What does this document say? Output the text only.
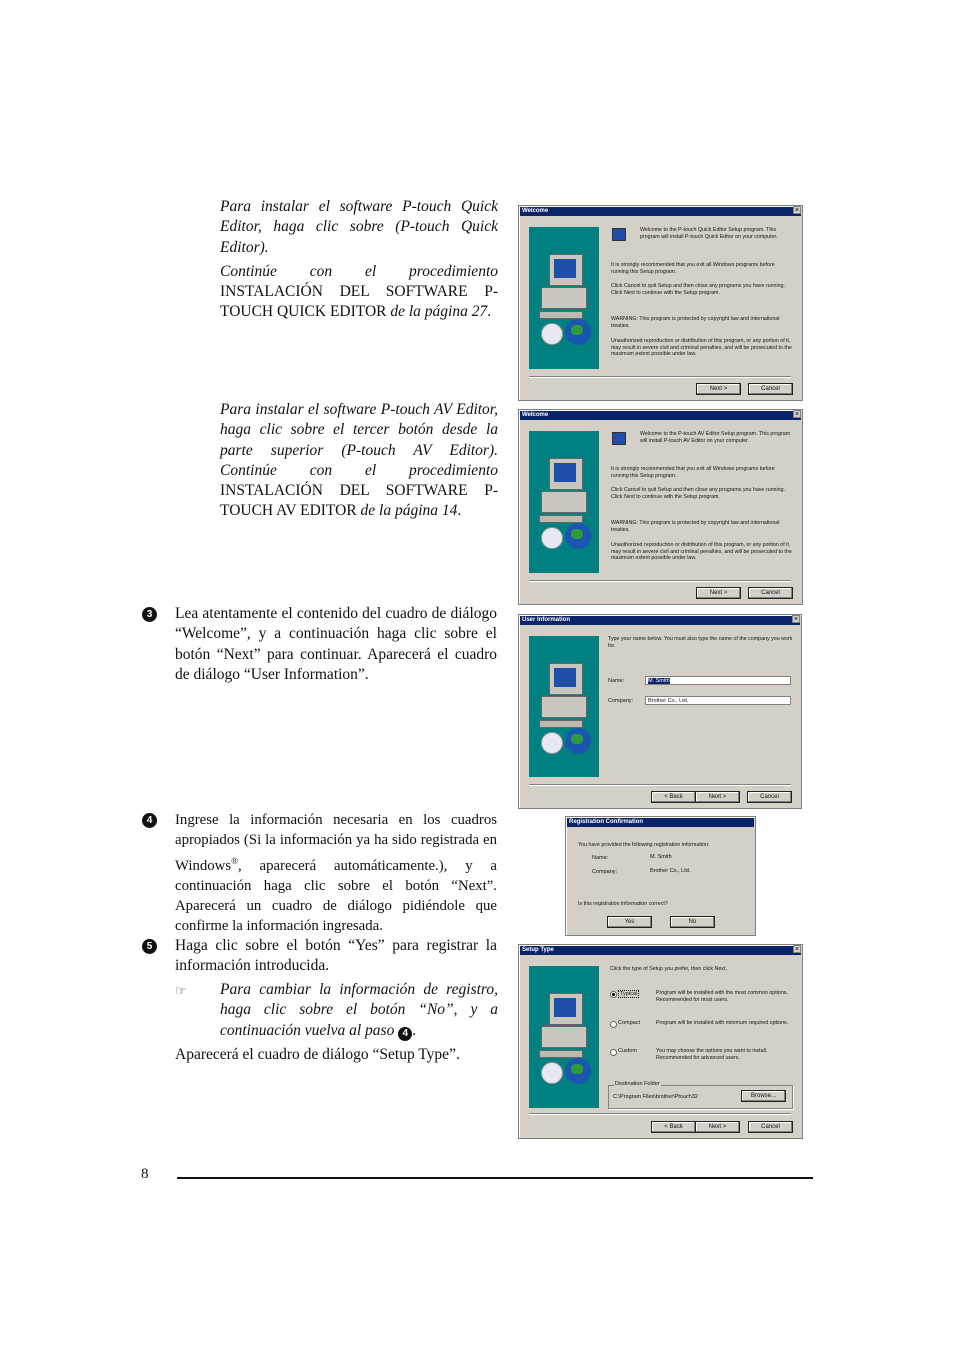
Para instalar el software P-touch Quick Editor, haga clic sobre (P-touch Quick Editor).

Continúe con el procedimiento INSTALACIÓN DEL SOFTWARE P-TOUCH QUICK EDITOR de la página 27.

Para instalar el software P-touch AV Editor, haga clic sobre el tercer botón desde la parte superior (P-touch AV Editor). Continúe con el procedimiento INSTALACIÓN DEL SOFTWARE P-TOUCH AV EDITOR de la página 14.

3	Lea atentamente el contenido del cuadro de diálogo “Welcome”, y a continuación haga clic sobre el botón “Next” para continuar. Aparecerá el cuadro de diálogo “User Information”.
4	Ingrese la información necesaria en los cuadros apropiados (Si la información ya ha sido registrada en Windows®, aparecerá automáticamente.), y a continuación haga clic sobre el botón “Next”. Aparecerá un cuadro de diálogo pidiéndole que confirme la información ingresada.
5	Haga clic sobre el botón “Yes” para registrar la información introducida.
☞ Para cambiar la información de registro, haga clic sobre el botón “No”, y a continuación vuelva al paso 4 .
Aparecerá el cuadro de diálogo “Setup Type”.
8
Welcome	×
Welcome to the P-touch Quick Editor Setup program. This program will install P-touch Quick Editor on your computer.
It is strongly recommended that you exit all Windows programs before running this Setup program.
Click Cancel to quit Setup and then close any programs you have running. Click Next to continue with the Setup program.
WARNING: This program is protected by copyright law and international treaties.
Unauthorized reproduction or distribution of this program, or any portion of it, may result in severe civil and criminal penalties, and will be prosecuted to the maximum extent possible under law.
Next >	Cancel
Welcome	×
Welcome to the P-touch AV Editor Setup program. This program will install P-touch AV Editor on your computer.
It is strongly recommended that you exit all Windows programs before running this Setup program.
Click Cancel to quit Setup and then close any programs you have running. Click Next to continue with the Setup program.
WARNING: This program is protected by copyright law and international treaties.
Unauthorized reproduction or distribution of this program, or any portion of it, may result in severe civil and criminal penalties, and will be prosecuted to the maximum extent possible under law.
Next >	Cancel
User Information	×
Type your name below. You must also type the name of the company you work for.
Name:	M. Smith
Company:	Brother Co., Ltd.
< Back	Next >	Cancel
Registration Confirmation
You have provided the following registration information:
Name:	M. Smith
Company:	Brother Co., Ltd.
Is this registration information correct?
Yes	No
Setup Type	×
Click the type of Setup you prefer, then click Next.
Typical	Program will be installed with the most common options. Recommended for most users.
Compact	Program will be installed with minimum required options.
Custom	You may choose the options you want to install. Recommended for advanced users.
Destination Folder
C:\Program Files\brother\Ptouch32	Browse...
< Back	Next >	Cancel
